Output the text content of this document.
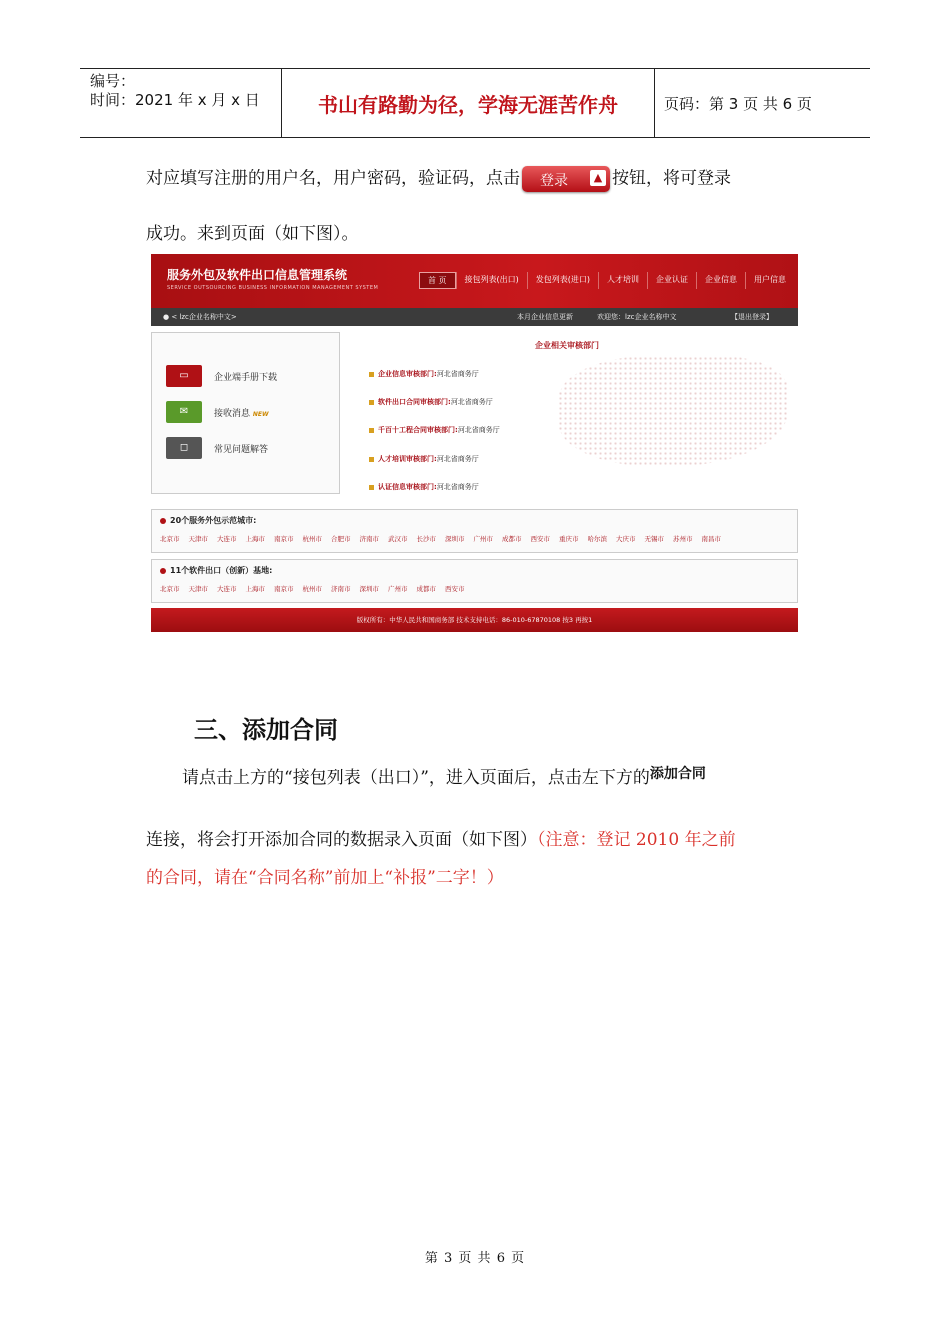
编号：
时间：2021 年 x 月 x 日	书山有路勤为径，学海无涯苦作舟	页码：第 3 页 共 6 页
对应填写注册的用户名，用户密码，验证码，点击 登录	▲ 按钮，将可登录
成功。来到页面（如下图）。
服务外包及软件出口信息管理系统
SERVICE OUTSOURCING BUSINESS INFORMATION MANAGEMENT SYSTEM
首 页	接包列表(出口)	发包列表(进口)	人才培训	企业认证	企业信息	用户信息
● < lzc企业名称中文>	本月企业信息更新	欢迎您：lzc企业名称中文	【退出登录】
▭	企业端手册下载
✉	接收消息 NEW
◻	常见问题解答
企业相关审核部门
企业信息审核部门:河北省商务厅
软件出口合同审核部门:河北省商务厅
千百十工程合同审核部门:河北省商务厅
人才培训审核部门:河北省商务厅
认证信息审核部门:河北省商务厅
20个服务外包示范城市:
北京市 天津市 大连市 上海市 南京市 杭州市 合肥市 济南市 武汉市 长沙市 深圳市 广州市 成都市 西安市 重庆市 哈尔滨 大庆市 无锡市 苏州市 南昌市
11个软件出口（创新）基地:
北京市 天津市 大连市 上海市 南京市 杭州市 济南市 深圳市 广州市 成都市 西安市
版权所有：中华人民共和国商务部 技术支持电话：86-010-67870108 按3 再按1
三、添加合同
请点击上方的“接包列表（出口）”，进入页面后，点击左下方的$^{添加合同}$
连接，将会打开添加合同的数据录入页面（如下图）（注意：登记 2010 年之前
的合同，请在“合同名称”前加上“补报”二字！）
第 3 页 共 6 页
